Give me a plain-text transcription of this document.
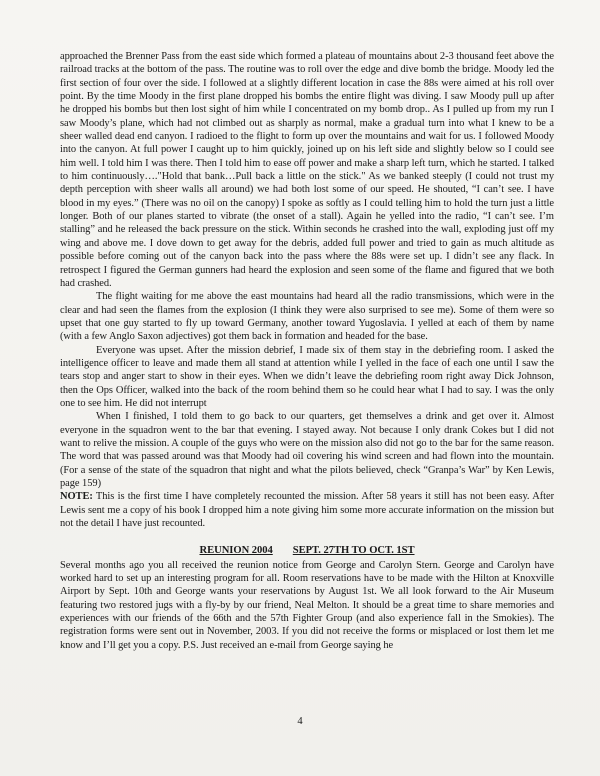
approached the Brenner Pass from the east side which formed a plateau of mountains about 2-3 thousand feet above the railroad tracks at the bottom of the pass. The routine was to roll over the edge and dive bomb the bridge. Moody led the first section of four over the side. I followed at a slightly different location in case the 88s were aimed at his roll over point. By the time Moody in the first plane dropped his bombs the entire flight was diving. I saw Moody pull up after he dropped his bombs but then lost sight of him while I concentrated on my bomb drop.. As I pulled up from my run I saw Moody’s plane, which had not climbed out as sharply as normal, make a gradual turn into what I knew to be a sheer walled dead end canyon. I radioed to the flight to form up over the mountains and wait for us. I followed Moody into the canyon. At full power I caught up to him quickly, joined up on his left side and slightly below so I could see him well. I told him I was there. Then I told him to ease off power and make a sharp left turn, which he started. I talked to him continuously…."Hold that bank…Pull back a little on the stick." As we banked steeply (I could not trust my depth perception with sheer walls all around) we had both lost some of our speed. He shouted, “I can’t see. I have blood in my eyes.” (There was no oil on the canopy) I spoke as softly as I could telling him to hold the turn just a little longer. Both of our planes started to vibrate (the onset of a stall). Again he yelled into the radio, “I can’t see. I’m stalling” and he released the back pressure on the stick. Within seconds he crashed into the wall, exploding just off my wing and above me. I dove down to get away for the debris, added full power and tried to gain as much altitude as possible before coming out of the canyon back into the pass where the 88s were set up. I didn’t see any flack. In retrospect I figured the German gunners had heard the explosion and seen some of the flame and figured that we both had crashed.

The flight waiting for me above the east mountains had heard all the radio transmissions, which were in the clear and had seen the flames from the explosion (I think they were also surprised to see me). Some of them were so upset that one guy started to fly up toward Germany, another toward Yugoslavia. I yelled at each of them by name (with a few Anglo Saxon adjectives) got them back in formation and headed for the base.

Everyone was upset. After the mission debrief, I made six of them stay in the debriefing room. I asked the intelligence officer to leave and made them all stand at attention while I yelled in the face of each one until I saw the tears stop and anger start to show in their eyes. When we didn’t leave the debriefing room right away Dick Johnson, then the Ops Officer, walked into the back of the room behind them so he could hear what I had to say. I was the only one to see him. He did not interrupt

When I finished, I told them to go back to our quarters, get themselves a drink and get over it. Almost everyone in the squadron went to the bar that evening. I stayed away. Not because I only drank Cokes but I did not want to relive the mission. A couple of the guys who were on the mission also did not go to the bar for the same reason. The word that was passed around was that Moody had oil covering his wind screen and had flown into the mountain. (For a sense of the state of the squadron that night and what the pilots believed, check “Granpa’s War” by Ken Lewis, page 159)

NOTE: This is the first time I have completely recounted the mission. After 58 years it still has not been easy. After Lewis sent me a copy of his book I dropped him a note giving him some more accurate information on the mission but not the detail I have just recounted.

REUNION 2004 SEPT. 27TH TO OCT. 1ST

Several months ago you all received the reunion notice from George and Carolyn Stern. George and Carolyn have worked hard to set up an interesting program for all. Room reservations have to be made with the Hilton at Knoxville Airport by Sept. 10th and George wants your reservations by August 1st. We all look forward to the Air Museum featuring two restored jugs with a fly-by by our friend, Neal Melton. It should be a great time to share memories and experiences with our friends of the 66th and the 57th Fighter Group (and also experience fall in the Smokies). The registration forms were sent out in November, 2003. If you did not receive the forms or misplaced or lost them let me know and I’ll get you a copy. P.S. Just received an e-mail from George saying he

4
